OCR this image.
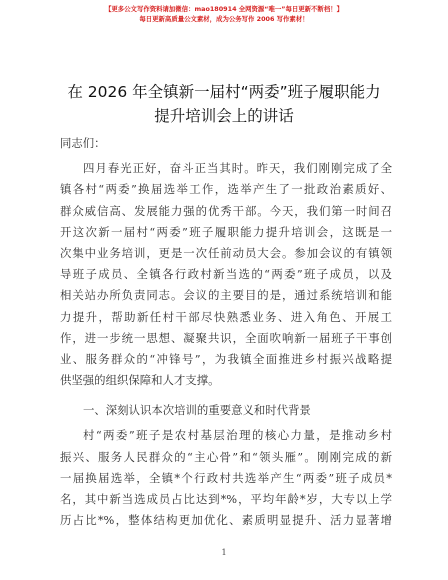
【更多公文写作资料请加微信：mao180914 全网资源“唯一”每日更新不断档！】
每日更新高质量公文素材，成为公务写作 2006 写作素材！
在 2026 年全镇新一届村“两委”班子履职能力
提升培训会上的讲话
同志们：
四月春光正好，奋斗正当其时。昨天，我们刚刚完成了全
镇各村“两委”换届选举工作，选举产生了一批政治素质好、
群众威信高、发展能力强的优秀干部。今天，我们第一时间召
开这次新一届村“两委”班子履职能力提升培训会，这既是一
次集中业务培训，更是一次任前动员大会。参加会议的有镇领
导班子成员、全镇各行政村新当选的“两委”班子成员，以及
相关站办所负责同志。会议的主要目的是，通过系统培训和能
力提升，帮助新任村干部尽快熟悉业务、进入角色、开展工
作，进一步统一思想、凝聚共识，全面吹响新一届班子干事创
业、服务群众的“冲锋号”，为我镇全面推进乡村振兴战略提
供坚强的组织保障和人才支撑。
一、深刻认识本次培训的重要意义和时代背景
村“两委”班子是农村基层治理的核心力量，是推动乡村
振兴、服务人民群众的“主心骨”和“领头雁”。刚刚完成的新
一届换届选举，全镇*个行政村共选举产生“两委”班子成员*
名，其中新当选成员占比达到*%，平均年龄*岁，大专以上学
历占比*%，整体结构更加优化、素质明显提升、活力显著增
1
